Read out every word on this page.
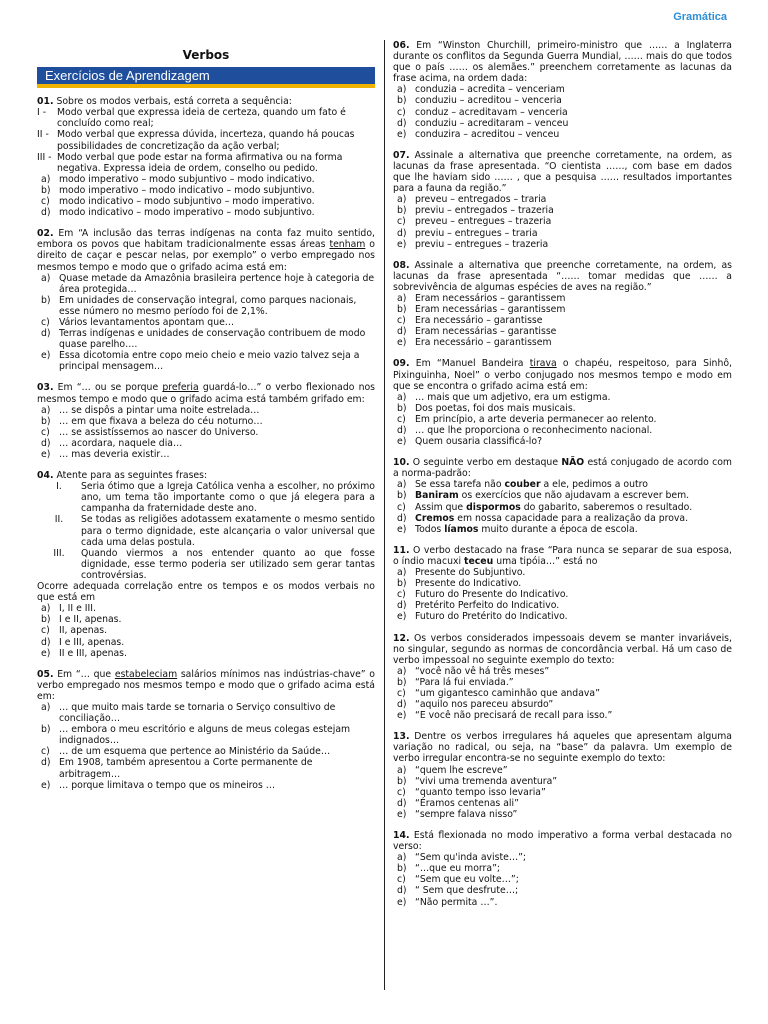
Gramática
Verbos
Exercícios de Aprendizagem

01. Sobre os modos verbais, está correta a sequência:

I -	Modo verbal que expressa ideia de certeza, quando um fato é concluído como real;
II - Modo verbal que expressa dúvida, incerteza, quando há poucas possibilidades de concretização da ação verbal;
III - Modo verbal que pode estar na forma afirmativa ou na forma negativa. Expressa ideia de ordem, conselho ou pedido.
a) modo imperativo – modo subjuntivo – modo indicativo.
b) modo imperativo – modo indicativo – modo subjuntivo.
c) modo indicativo – modo subjuntivo – modo imperativo.
d) modo indicativo – modo imperativo – modo subjuntivo.

02. Em “A inclusão das terras indígenas na conta faz muito sentido, embora os povos que habitam tradicionalmente essas áreas tenham o direito de caçar e pescar nelas, por exemplo” o verbo empregado nos mesmos tempo e modo que o grifado acima está em:

a) Quase metade da Amazônia brasileira pertence hoje à categoria de área protegida…
b) Em unidades de conservação integral, como parques nacionais, esse número no mesmo período foi de 2,1%.
c) Vários levantamentos apontam que…
d) Terras indígenas e unidades de conservação contribuem de modo quase parelho….
e) Essa dicotomia entre copo meio cheio e meio vazio talvez seja a principal mensagem…

03. Em “… ou se porque preferia guardá-lo…” o verbo flexionado nos mesmos tempo e modo que o grifado acima está também grifado em:

a) … se dispôs a pintar uma noite estrelada…
b) … em que fixava a beleza do céu noturno…
c) … se assistíssemos ao nascer do Universo.
d) … acordara, naquele dia…
e) … mas deveria existir…

04. Atente para as seguintes frases:

I.	Seria ótimo que a Igreja Católica venha a escolher, no próximo ano, um tema tão importante como o que já elegera para a campanha da fraternidade deste ano.
II.	Se todas as religiões adotassem exatamente o mesmo sentido para o termo dignidade, este alcançaria o valor universal que cada uma delas postula.
III.	Quando viermos a nos entender quanto ao que fosse dignidade, esse termo poderia ser utilizado sem gerar tantas controvérsias.

Ocorre adequada correlação entre os tempos e os modos verbais no que está em

a) I, II e III.
b) I e II, apenas.
c) II, apenas.
d) I e III, apenas.
e) II e III, apenas.

05. Em “… que estabeleciam salários mínimos nas indústrias-chave” o verbo empregado nos mesmos tempo e modo que o grifado acima está em:

a) … que muito mais tarde se tornaria o Serviço consultivo de conciliação…
b) … embora o meu escritório e alguns de meus colegas estejam indignados…
c) … de um esquema que pertence ao Ministério da Saúde…
d) Em 1908, também apresentou a Corte permanente de arbitragem…
e) … porque limitava o tempo que os mineiros …

06. Em “Winston Churchill, primeiro-ministro que …… a Inglaterra durante os conflitos da Segunda Guerra Mundial, …… mais do que todos que o país …… os alemães.” preenchem corretamente as lacunas da frase acima, na ordem dada:

a) conduzia – acredita – venceriam
b) conduziu – acreditou – venceria
c) conduz – acreditavam – venceria
d) conduziu – acreditaram – venceu
e) conduzira – acreditou – venceu

07. Assinale a alternativa que preenche corretamente, na ordem, as lacunas da frase apresentada. “O cientista ……, com base em dados que lhe haviam sido …… , que a pesquisa …… resultados importantes para a fauna da região.”

a) preveu – entregados – traria
b) previu – entregados – trazeria
c) preveu – entregues – trazeria
d) previu – entregues – traria
e) previu – entregues – trazeria

08. Assinale a alternativa que preenche corretamente, na ordem, as lacunas da frase apresentada “…… tomar medidas que …… a sobrevivência de algumas espécies de aves na região.”

a) Eram necessários – garantissem
b) Eram necessárias – garantissem
c) Era necessário – garantisse
d) Eram necessárias – garantisse
e) Era necessário – garantissem

09. Em “Manuel Bandeira tirava o chapéu, respeitoso, para Sinhô, Pixinguinha, Noel” o verbo conjugado nos mesmos tempo e modo em que se encontra o grifado acima está em:

a) … mais que um adjetivo, era um estigma.
b) Dos poetas, foi dos mais musicais.
c) Em princípio, a arte deveria permanecer ao relento.
d) … que lhe proporciona o reconhecimento nacional.
e) Quem ousaria classificá-lo?

10. O seguinte verbo em destaque NÃO está conjugado de acordo com a norma-padrão:

a) Se essa tarefa não couber a ele, pedimos a outro
b) Baniram os exercícios que não ajudavam a escrever bem.
c) Assim que dispormos do gabarito, saberemos o resultado.
d) Cremos em nossa capacidade para a realização da prova.
e) Todos líamos muito durante a época de escola.

11. O verbo destacado na frase “Para nunca se separar de sua esposa, o índio macuxi teceu uma tipóia…” está no

a) Presente do Subjuntivo.
b) Presente do Indicativo.
c) Futuro do Presente do Indicativo.
d) Pretérito Perfeito do Indicativo.
e) Futuro do Pretérito do Indicativo.

12. Os verbos considerados impessoais devem se manter invariáveis, no singular, segundo as normas de concordância verbal. Há um caso de verbo impessoal no seguinte exemplo do texto:

a) “você não vê há três meses”
b) “Para lá fui enviada.”
c) “um gigantesco caminhão que andava”
d) “aquilo nos pareceu absurdo”
e) “E você não precisará de recall para isso.”

13. Dentre os verbos irregulares há aqueles que apresentam alguma variação no radical, ou seja, na “base” da palavra. Um exemplo de verbo irregular encontra-se no seguinte exemplo do texto:

a) “quem lhe escreve”
b) “vivi uma tremenda aventura”
c) “quanto tempo isso levaria”
d) “Éramos centenas ali”
e) “sempre falava nisso”

14. Está flexionada no modo imperativo a forma verbal destacada no verso:

a) “Sem qu'inda aviste…”;
b) “…que eu morra”;
c) “Sem que eu volte…”;
d) “ Sem que desfrute…;
e) “Não permita …”.
